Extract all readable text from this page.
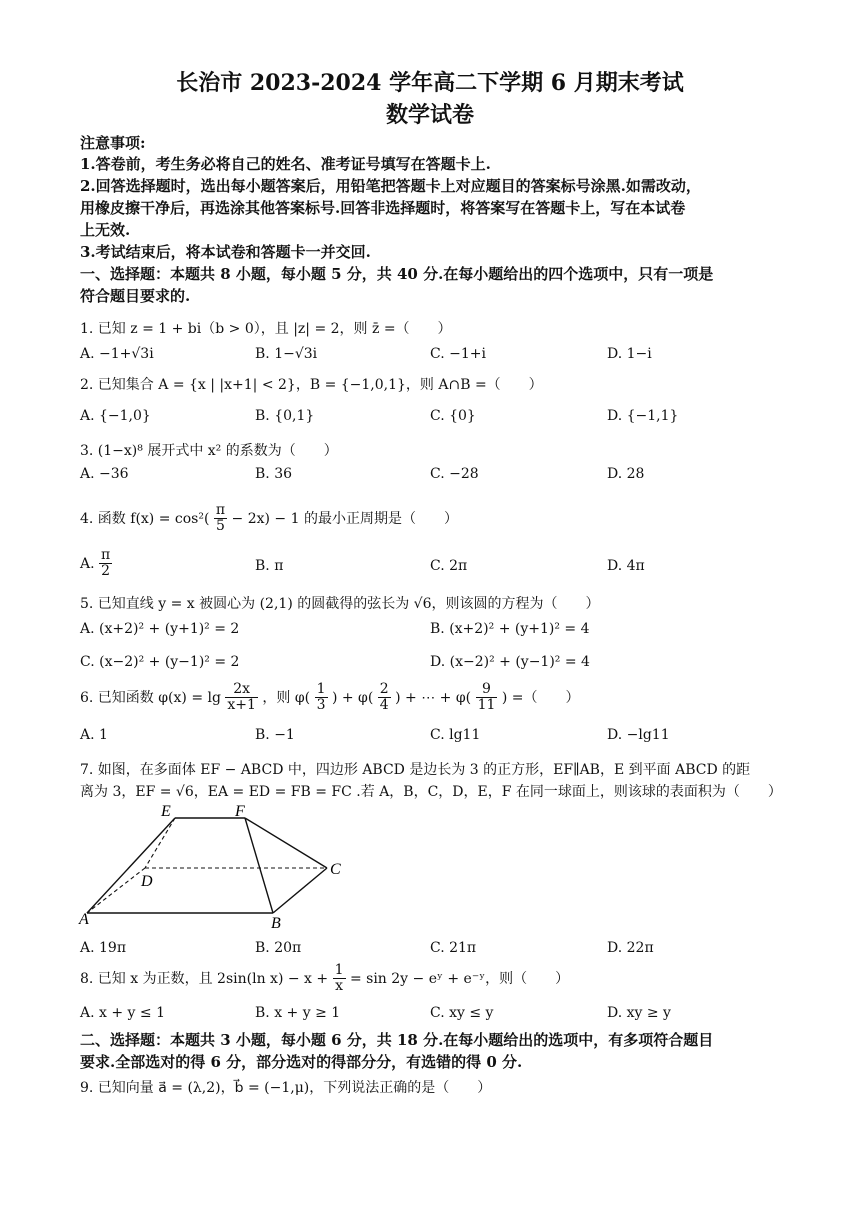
长治市 2023-2024 学年高二下学期 6 月期末考试
数学试卷
注意事项:
1.答卷前，考生务必将自己的姓名、准考证号填写在答题卡上.
2.回答选择题时，选出每小题答案后，用铅笔把答题卡上对应题目的答案标号涂黑.如需改动，
用橡皮擦干净后，再选涂其他答案标号.回答非选择题时，将答案写在答题卡上，写在本试卷
上无效.
3.考试结束后，将本试卷和答题卡一并交回.
一、选择题：本题共 8 小题，每小题 5 分，共 40 分.在每小题给出的四个选项中，只有一项是
符合题目要求的.
1. 已知 z = 1 + bi（b > 0），且 |z| = 2，则 z̄ =（　　）
A. −1+√3i	B. 1−√3i	C. −1+i	D. 1−i
2. 已知集合 A = {x | |x+1| < 2}，B = {−1,0,1}，则 A∩B =（　　）
A. {−1,0}	B. {0,1}	C. {0}	D. {−1,1}
3. (1−x)⁸ 展开式中 x² 的系数为（　　）
A. −36	B. 36	C. −28	D. 28
4. 函数 $f(x) = \cos^2( \frac{\pi}{5} - 2x) - 1$ 的最小正周期是（　　）
A. $\frac{\pi}{2}$	B. π	C. 2π	D. 4π
5. 已知直线 y = x 被圆心为 (2,1) 的圆截得的弦长为 √6，则该圆的方程为（　　）
A. (x+2)² + (y+1)² = 2	B. (x+2)² + (y+1)² = 4
C. (x−2)² + (y−1)² = 2	D. (x−2)² + (y−1)² = 4
6. 已知函数 $\varphi(x) = \lg \frac{2x}{x+1}$ ，则 $\varphi( \frac{1}{3}$ ) + $\varphi( \frac{2}{4}$ ) + ⋯ + $\varphi( \frac{9}{11}$ ) =（　　）
A. 1	B. −1	C. lg11	D. −lg11
7. 如图，在多面体 EF − ABCD 中，四边形 ABCD 是边长为 3 的正方形，EF∥AB，E 到平面 ABCD 的距
离为 3，EF = √6，EA = ED = FB = FC .若 A，B，C，D，E，F 在同一球面上，则该球的表面积为（　　）
E	F
C
D
A	B
A. 19π	B. 20π	C. 21π	D. 22π
8. 已知 x 为正数，且 2sin(ln $x) - x + \frac{1}{x} = \sin 2y$ − eʸ + e⁻ʸ，则（　　）
A. x + y ≤ 1	B. x + y ≥ 1	C. xy ≤ y	D. xy ≥ y
二、选择题：本题共 3 小题，每小题 6 分，共 18 分.在每小题给出的选项中，有多项符合题目
要求.全部选对的得 6 分，部分选对的得部分分，有选错的得 0 分.
9. 已知向量 a⃗ = (λ,2)，b⃗ = (−1,μ)，下列说法正确的是（　　）
